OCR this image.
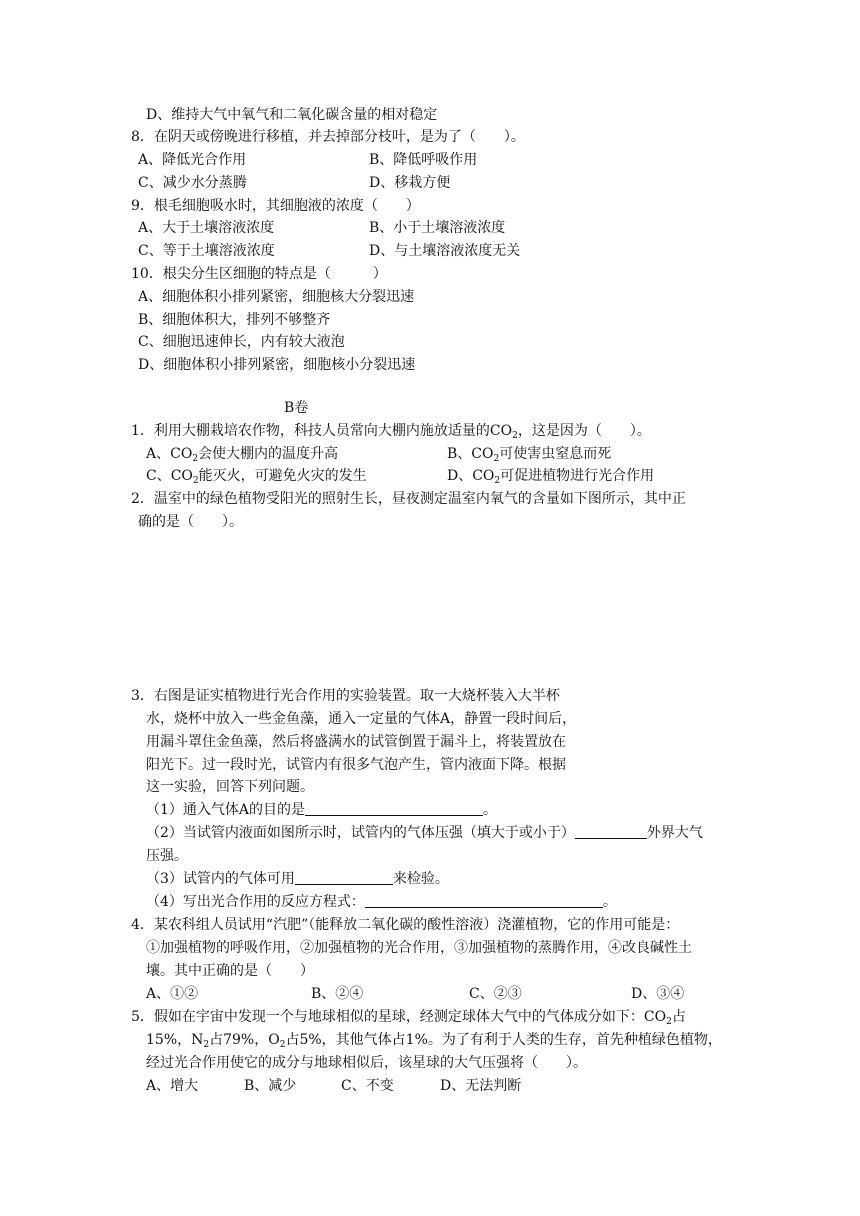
D、维持大气中氧气和二氧化碳含量的相对稳定
8．在阴天或傍晚进行移植，并去掉部分枝叶，是为了（　　）。
A、降低光合作用	B、降低呼吸作用
C、减少水分蒸腾	D、移栽方便
9．根毛细胞吸水时，其细胞液的浓度（　　）
A、大于土壤溶液浓度	B、小于土壤溶液浓度
C、等于土壤溶液浓度	D、与土壤溶液浓度无关
10．根尖分生区细胞的特点是（　　　）
A、细胞体积小排列紧密，细胞核大分裂迅速
B、细胞体积大，排列不够整齐
C、细胞迅速伸长，内有较大液泡
D、细胞体积小排列紧密，细胞核小分裂迅速
B卷
1．利用大棚栽培农作物，科技人员常向大棚内施放适量的$CO_2$，这是因为（　　）。
A、$CO_2$会使大棚内的温度升高	B、$CO_2$可使害虫窒息而死
C、$CO_2$能灭火，可避免火灾的发生	D、$CO_2$可促进植物进行光合作用
2．温室中的绿色植物受阳光的照射生长，昼夜测定温室内氧气的含量如下图所示，其中正
确的是（　　）。
3．右图是证实植物进行光合作用的实验装置。取一大烧杯装入大半杯
水，烧杯中放入一些金鱼藻，通入一定量的气体A，静置一段时间后，
用漏斗罩住金鱼藻，然后将盛满水的试管倒置于漏斗上，将装置放在
阳光下。过一段时光，试管内有很多气泡产生，管内液面下降。根据
这一实验，回答下列问题。
（1）通入气体A的目的是	。
（2）当试管内液面如图所示时，试管内的气体压强（填大于或小于）	外界大气
压强。
（3）试管内的气体可用	来检验。
（4）写出光合作用的反应方程式：	。
4．某农科组人员试用“汽肥”（能释放二氧化碳的酸性溶液）浇灌植物，它的作用可能是：
①加强植物的呼吸作用，②加强植物的光合作用，③加强植物的蒸腾作用，④改良碱性土
壤。其中正确的是（　　）
A、①②	B、②④	C、②③	D、③④
5．假如在宇宙中发现一个与地球相似的星球，经测定球体大气中的气体成分如下：$CO_2$占
15%，$N_2$占79%，$O_2$占5%，其他气体占1%。为了有利于人类的生存，首先种植绿色植物，
经过光合作用使它的成分与地球相似后，该星球的大气压强将（　　）。
A、增大	B、减少	C、不变	D、无法判断
